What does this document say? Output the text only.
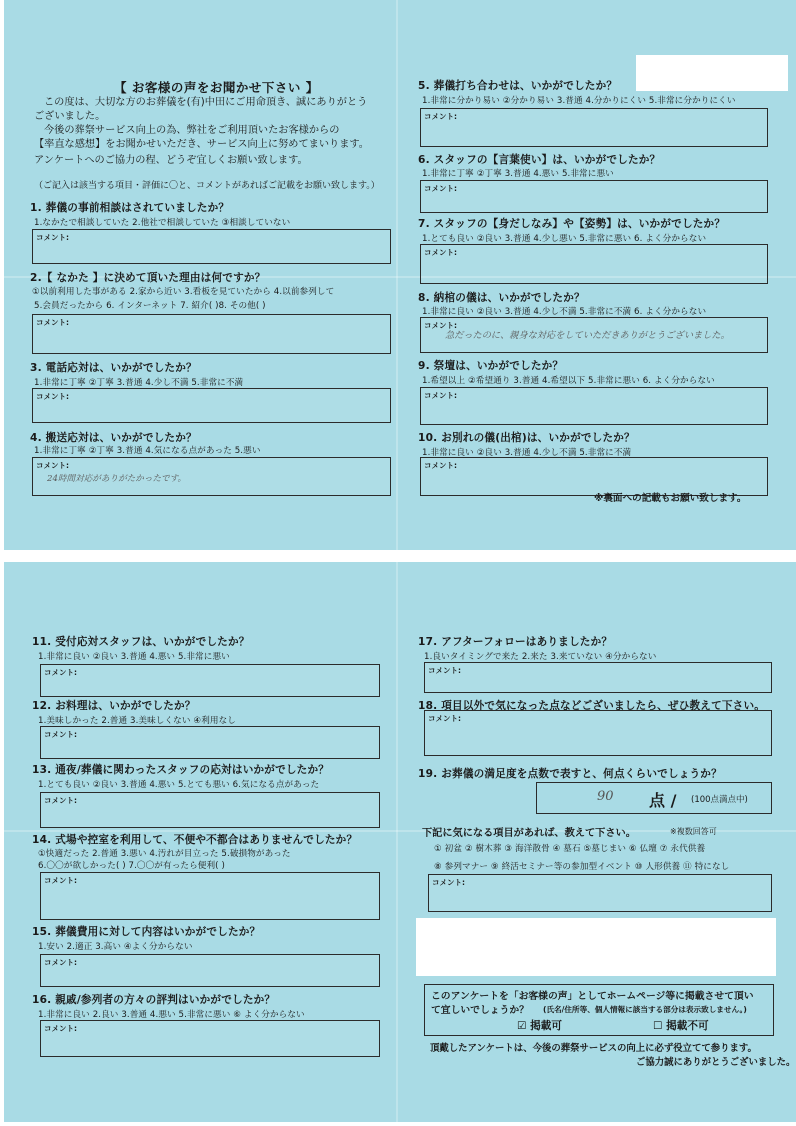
【 お客様の声をお聞かせ下さい 】
この度は、大切な方のお葬儀を(有)中田にご用命頂き、誠にありがとう
ございました。
今後の葬祭サービス向上の為、弊社をご利用頂いたお客様からの
【率直な感想】をお聞かせいただき、サービス向上に努めてまいります。
アンケートへのご協力の程、どうぞ宜しくお願い致します。
（ご記入は該当する項目・評価に〇と、コメントがあればご記載をお願い致します。）
1. 葬儀の事前相談はされていましたか？
1.なかたで相談していた 2.他社で相談していた ③相談していない
コメント:
2.【 なかた 】に決めて頂いた理由は何ですか？
①以前利用した事がある 2.家から近い 3.看板を見ていたから 4.以前参列して
5.会員だったから 6. インターネット 7. 紹介( )8. その他( )
コメント:
3. 電話応対は、いかがでしたか？
1.非常に丁寧 ②丁寧 3.普通 4.少し不満 5.非常に不満
コメント:
4. 搬送応対は、いかがでしたか？
1.非常に丁寧 ②丁寧 3.普通 4.気になる点があった 5.悪い
コメント:
24時間対応がありがたかったです。
5. 葬儀打ち合わせは、いかがでしたか？
1.非常に分かり易い ②分かり易い 3.普通 4.分かりにくい 5.非常に分かりにくい
コメント:
6. スタッフの【言葉使い】は、いかがでしたか？
1.非常に丁寧 ②丁寧 3.普通 4.悪い 5.非常に悪い
コメント:
7. スタッフの【身だしなみ】や【姿勢】は、いかがでしたか？
1.とても良い ②良い 3.普通 4.少し悪い 5.非常に悪い 6. よく分からない
コメント:
8. 納棺の儀は、いかがでしたか？
1.非常に良い ②良い 3.普通 4.少し不満 5.非常に不満 6. よく分からない
コメント:
急だったのに、親身な対応をしていただきありがとうございました。
9. 祭壇は、いかがでしたか？
1.希望以上 ②希望通り 3.普通 4.希望以下 5.非常に悪い 6. よく分からない
コメント:
10. お別れの儀(出棺)は、いかがでしたか？
1.非常に良い ②良い 3.普通 4.少し不満 5.非常に不満
コメント:
※裏面への記載もお願い致します。
11. 受付応対スタッフは、いかがでしたか？
1.非常に良い ②良い 3.普通 4.悪い 5.非常に悪い
コメント:
12. お料理は、いかがでしたか？
1.美味しかった 2.普通 3.美味しくない ④利用なし
コメント:
13. 通夜/葬儀に関わったスタッフの応対はいかがでしたか？
1.とても良い ②良い 3.普通 4.悪い 5.とても悪い 6.気になる点があった
コメント:
14. 式場や控室を利用して、不便や不都合はありませんでしたか？
①快適だった 2.普通 3.悪い 4.汚れが目立った 5.破損物があった
6.〇〇が欲しかった( ) 7.〇〇が有ったら便利( )
コメント:
15. 葬儀費用に対して内容はいかがでしたか？
1.安い 2.適正 3.高い ④よく分からない
コメント:
16. 親戚/参列者の方々の評判はいかがでしたか？
1.非常に良い 2.良い 3.普通 4.悪い 5.非常に悪い ⑥ よく分からない
コメント:
17. アフターフォローはありましたか？
1.良いタイミングで来た 2.来た 3.来ていない ④分からない
コメント:
18. 項目以外で気になった点などございましたら、ぜひ教えて下さい。
コメント:
19. お葬儀の満足度を点数で表すと、何点くらいでしょうか？
90 点 / (100点満点中)
下記に気になる項目があれば、教えて下さい。	※複数回答可
① 初盆 ② 樹木葬 ③ 海洋散骨 ④ 墓石 ⑤墓じまい ⑥ 仏壇 ⑦ 永代供養
⑧ 参列マナー ⑨ 終活セミナー等の参加型イベント ⑩ 人形供養 ⑪ 特になし
コメント:
このアンケートを「お客様の声」としてホームページ等に掲載させて頂い
て宜しいでしょうか？ (氏名/住所等、個人情報に該当する部分は表示致しません。)
☑ 掲載可	☐ 掲載不可
頂戴したアンケートは、今後の葬祭サービスの向上に必ず役立てて参ります。
ご協力誠にありがとうございました。
